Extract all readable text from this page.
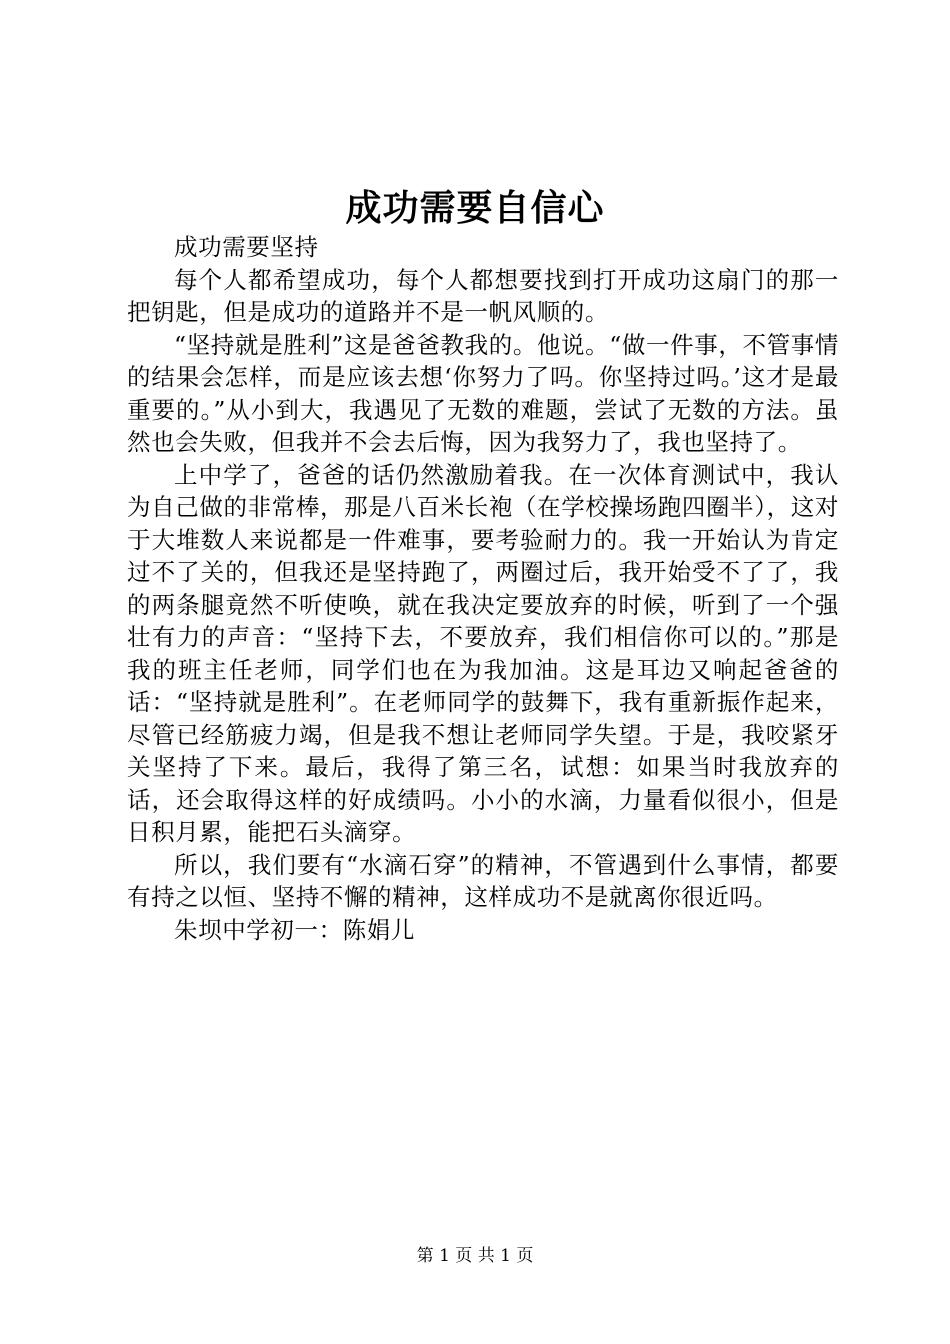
成功需要自信心

成功需要坚持

每个人都希望成功，每个人都想要找到打开成功这扇门的那一把钥匙，但是成功的道路并不是一帆风顺的。

“坚持就是胜利”这是爸爸教我的。他说。“做一件事，不管事情的结果会怎样，而是应该去想‘你努力了吗。你坚持过吗。’这才是最重要的。”从小到大，我遇见了无数的难题，尝试了无数的方法。虽然也会失败，但我并不会去后悔，因为我努力了，我也坚持了。

上中学了，爸爸的话仍然激励着我。在一次体育测试中，我认为自己做的非常棒，那是八百米长袍（在学校操场跑四圈半），这对于大堆数人来说都是一件难事，要考验耐力的。我一开始认为肯定过不了关的，但我还是坚持跑了，两圈过后，我开始受不了了，我的两条腿竟然不听使唤，就在我决定要放弃的时候，听到了一个强壮有力的声音：“坚持下去，不要放弃，我们相信你可以的。”那是我的班主任老师，同学们也在为我加油。这是耳边又响起爸爸的话：“坚持就是胜利”。在老师同学的鼓舞下，我有重新振作起来，尽管已经筋疲力竭，但是我不想让老师同学失望。于是，我咬紧牙关坚持了下来。最后，我得了第三名，试想：如果当时我放弃的话，还会取得这样的好成绩吗。小小的水滴，力量看似很小，但是日积月累，能把石头滴穿。

所以，我们要有“水滴石穿”的精神，不管遇到什么事情，都要有持之以恒、坚持不懈的精神，这样成功不是就离你很近吗。

朱坝中学初一：陈娟儿

第 1 页 共 1 页
